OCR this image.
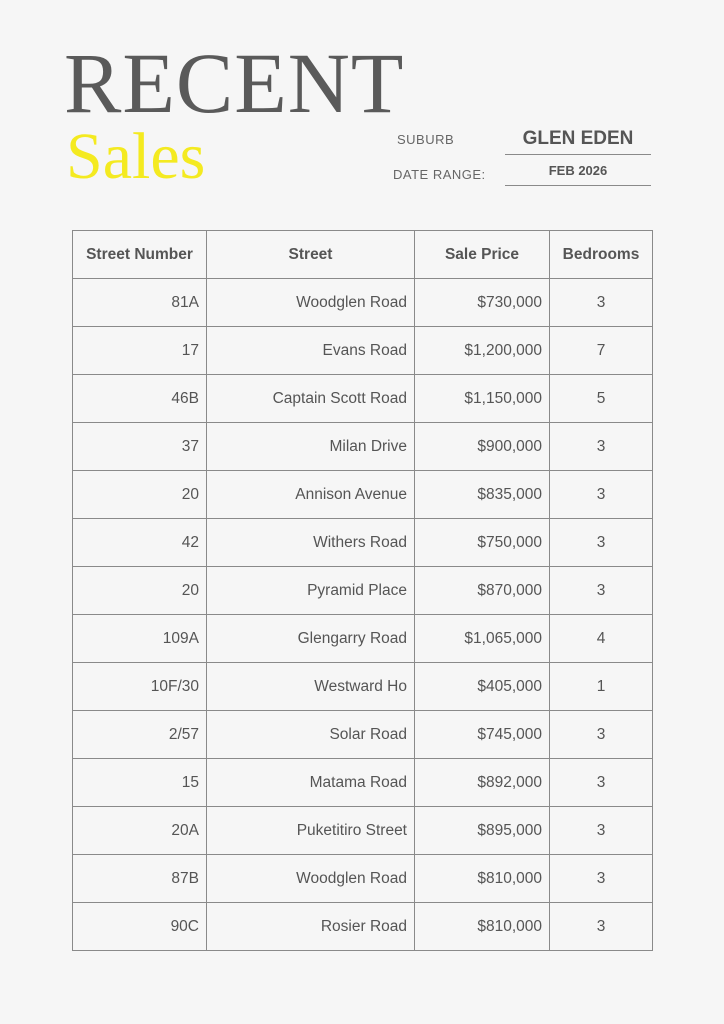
RECENT
Sales	SUBURB	GLEN EDEN
DATE RANGE:	FEB 2026
Street Number	Street	Sale Price	Bedrooms
81A	Woodglen Road	$730,000	3
17	Evans Road	$1,200,000	7
46B	Captain Scott Road	$1,150,000	5
37	Milan Drive	$900,000	3
20	Annison Avenue	$835,000	3
42	Withers Road	$750,000	3
20	Pyramid Place	$870,000	3
109A	Glengarry Road	$1,065,000	4
10F/30	Westward Ho	$405,000	1
2/57	Solar Road	$745,000	3
15	Matama Road	$892,000	3
20A	Puketitiro Street	$895,000	3
87B	Woodglen Road	$810,000	3
90C	Rosier Road	$810,000	3
